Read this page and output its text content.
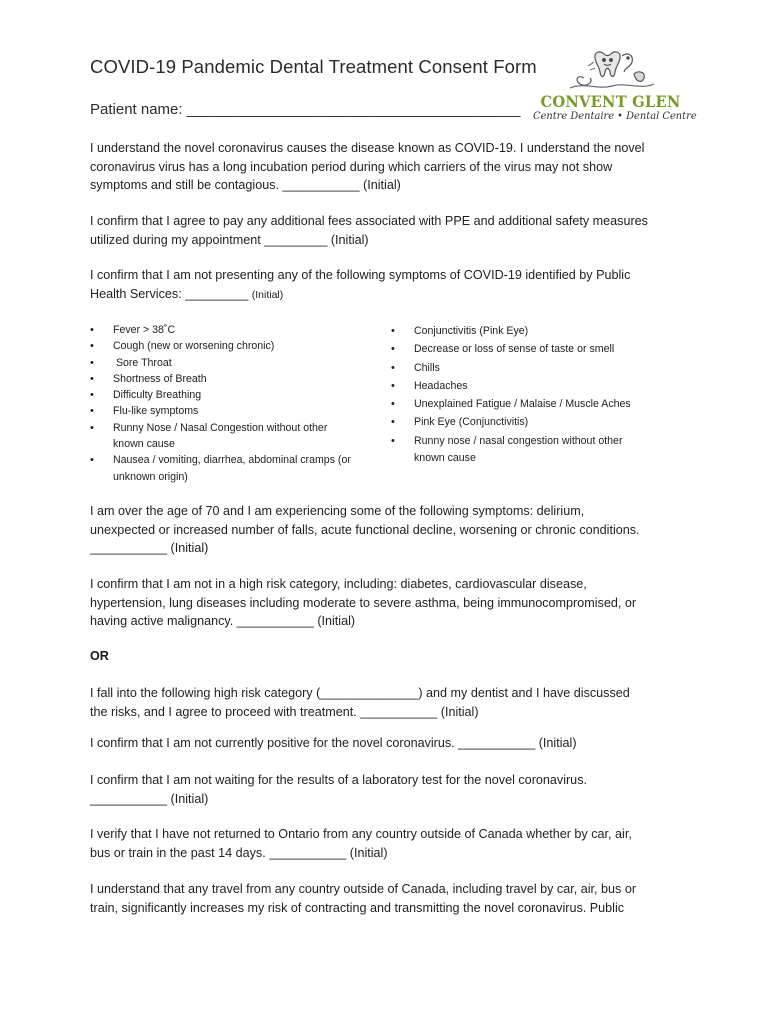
COVID-19 Pandemic Dental Treatment Consent Form
Patient name: ________________________________________	CONVENT GLEN
Centre Dentaire • Dental Centre
I understand the novel coronavirus causes the disease known as COVID-19. I understand the novel
coronavirus virus has a long incubation period during which carriers of the virus may not show
symptoms and still be contagious. ___________ (Initial)
I confirm that I agree to pay any additional fees associated with PPE and additional safety measures
utilized during my appointment _________ (Initial)
I confirm that I am not presenting any of the following symptoms of COVID-19 identified by Public
Health Services: _________ (Initial)
• Fever > 38˚C
• Cough (new or worsening chronic)
• Sore Throat
• Shortness of Breath
• Difficulty Breathing
• Flu-like symptoms
• Runny Nose / Nasal Congestion without other
known cause
• Nausea / vomiting, diarrhea, abdominal cramps (or
unknown origin)
• Conjunctivitis (Pink Eye)
• Decrease or loss of sense of taste or smell
• Chills
• Headaches
• Unexplained Fatigue / Malaise / Muscle Aches
• Pink Eye (Conjunctivitis)
• Runny nose / nasal congestion without other
known cause
I am over the age of 70 and I am experiencing some of the following symptoms: delirium,
unexpected or increased number of falls, acute functional decline, worsening or chronic conditions.
___________ (Initial)
I confirm that I am not in a high risk category, including: diabetes, cardiovascular disease,
hypertension, lung diseases including moderate to severe asthma, being immunocompromised, or
having active malignancy. ___________ (Initial)
OR
I fall into the following high risk category (______________) and my dentist and I have discussed
the risks, and I agree to proceed with treatment. ___________ (Initial)
I confirm that I am not currently positive for the novel coronavirus. ___________ (Initial)
I confirm that I am not waiting for the results of a laboratory test for the novel coronavirus.
___________ (Initial)
I verify that I have not returned to Ontario from any country outside of Canada whether by car, air,
bus or train in the past 14 days. ___________ (Initial)
I understand that any travel from any country outside of Canada, including travel by car, air, bus or
train, significantly increases my risk of contracting and transmitting the novel coronavirus. Public
